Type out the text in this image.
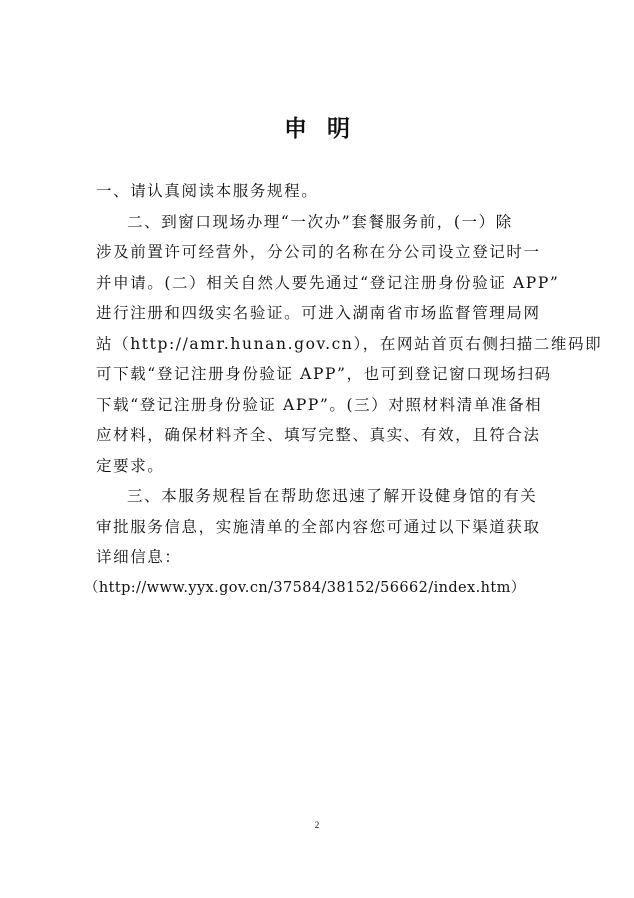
申明

一、请认真阅读本服务规程。

二、到窗口现场办理“一次办”套餐服务前，(一）除
涉及前置许可经营外，分公司的名称在分公司设立登记时一
并申请。(二）相关自然人要先通过“登记注册身份验证 APP”
进行注册和四级实名验证。可进入湖南省市场监督管理局网
站（http://amr.hunan.gov.cn），在网站首页右侧扫描二维码即
可下载“登记注册身份验证 APP”，也可到登记窗口现场扫码
下载“登记注册身份验证 APP”。(三）对照材料清单准备相
应材料，确保材料齐全、填写完整、真实、有效，且符合法
定要求。

三、本服务规程旨在帮助您迅速了解开设健身馆的有关
审批服务信息，实施清单的全部内容您可通过以下渠道获取
详细信息：

（http://www.yyx.gov.cn/37584/38152/56662/index.htm）

2
